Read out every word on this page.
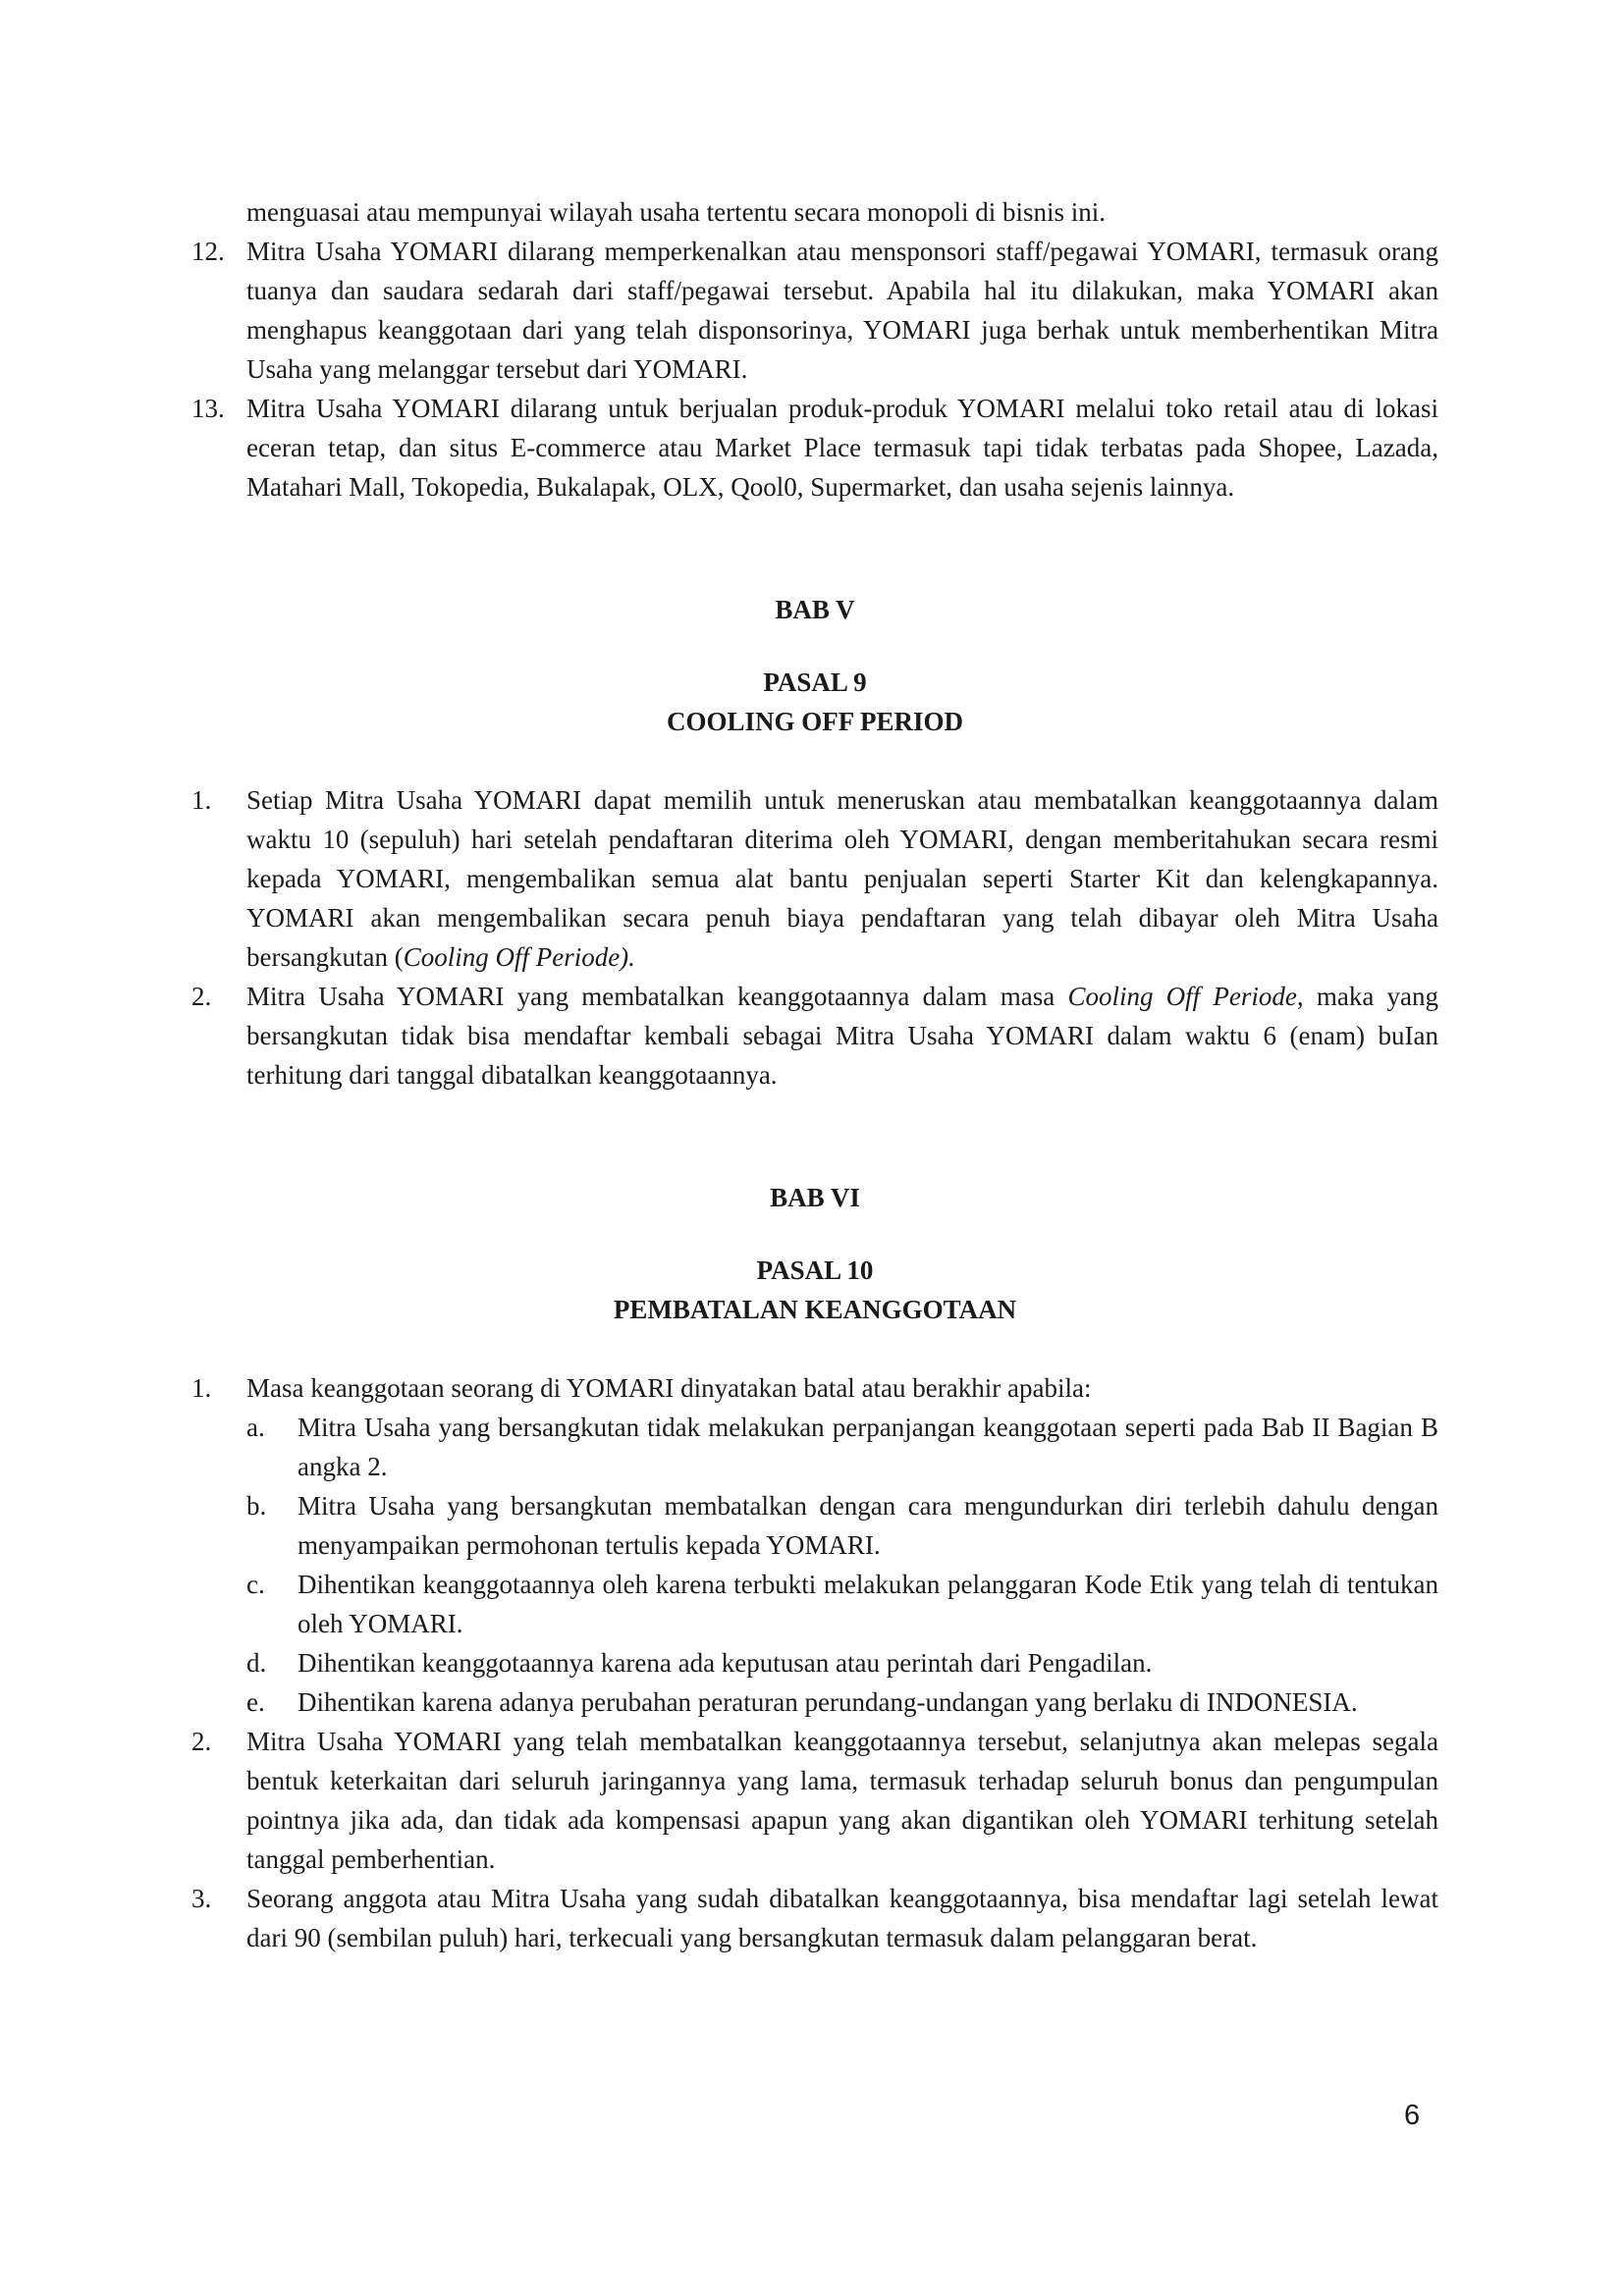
menguasai atau mempunyai wilayah usaha tertentu secara monopoli di bisnis ini.

12. Mitra Usaha YOMARI dilarang memperkenalkan atau mensponsori staff/pegawai YOMARI, termasuk orang tuanya dan saudara sedarah dari staff/pegawai tersebut. Apabila hal itu dilakukan, maka YOMARI akan menghapus keanggotaan dari yang telah disponsorinya, YOMARI juga berhak untuk memberhentikan Mitra Usaha yang melanggar tersebut dari YOMARI.
13. Mitra Usaha YOMARI dilarang untuk berjualan produk-produk YOMARI melalui toko retail atau di lokasi eceran tetap, dan situs E-commerce atau Market Place termasuk tapi tidak terbatas pada Shopee, Lazada, Matahari Mall, Tokopedia, Bukalapak, OLX, Qool0, Supermarket, dan usaha sejenis lainnya.
BAB V
PASAL 9
COOLING OFF PERIOD
1.	Setiap Mitra Usaha YOMARI dapat memilih untuk meneruskan atau membatalkan keanggotaannya dalam waktu 10 (sepuluh) hari setelah pendaftaran diterima oleh YOMARI, dengan memberitahukan secara resmi kepada YOMARI, mengembalikan semua alat bantu penjualan seperti Starter Kit dan kelengkapannya. YOMARI akan mengembalikan secara penuh biaya pendaftaran yang telah dibayar oleh Mitra Usaha bersangkutan (Cooling Off Periode).
2.	Mitra Usaha YOMARI yang membatalkan keanggotaannya dalam masa Cooling Off Periode, maka yang bersangkutan tidak bisa mendaftar kembali sebagai Mitra Usaha YOMARI dalam waktu 6 (enam) buIan terhitung dari tanggal dibatalkan keanggotaannya.
BAB VI
PASAL 10
PEMBATALAN KEANGGOTAAN
1.	Masa keanggotaan seorang di YOMARI dinyatakan batal atau berakhir apabila:
a.	Mitra Usaha yang bersangkutan tidak melakukan perpanjangan keanggotaan seperti pada Bab II Bagian B angka 2.
b.	Mitra Usaha yang bersangkutan membatalkan dengan cara mengundurkan diri terlebih dahulu dengan menyampaikan permohonan tertulis kepada YOMARI.
c.	Dihentikan keanggotaannya oleh karena terbukti melakukan pelanggaran Kode Etik yang telah di tentukan oleh YOMARI.
d.	Dihentikan keanggotaannya karena ada keputusan atau perintah dari Pengadilan.
e.	Dihentikan karena adanya perubahan peraturan perundang-undangan yang berlaku di INDONESIA.
2.	Mitra Usaha YOMARI yang telah membatalkan keanggotaannya tersebut, selanjutnya akan melepas segala bentuk keterkaitan dari seluruh jaringannya yang lama, termasuk terhadap seluruh bonus dan pengumpulan pointnya jika ada, dan tidak ada kompensasi apapun yang akan digantikan oleh YOMARI terhitung setelah tanggal pemberhentian.
3.	Seorang anggota atau Mitra Usaha yang sudah dibatalkan keanggotaannya, bisa mendaftar lagi setelah lewat dari 90 (sembilan puluh) hari, terkecuali yang bersangkutan termasuk dalam pelanggaran berat.
6
